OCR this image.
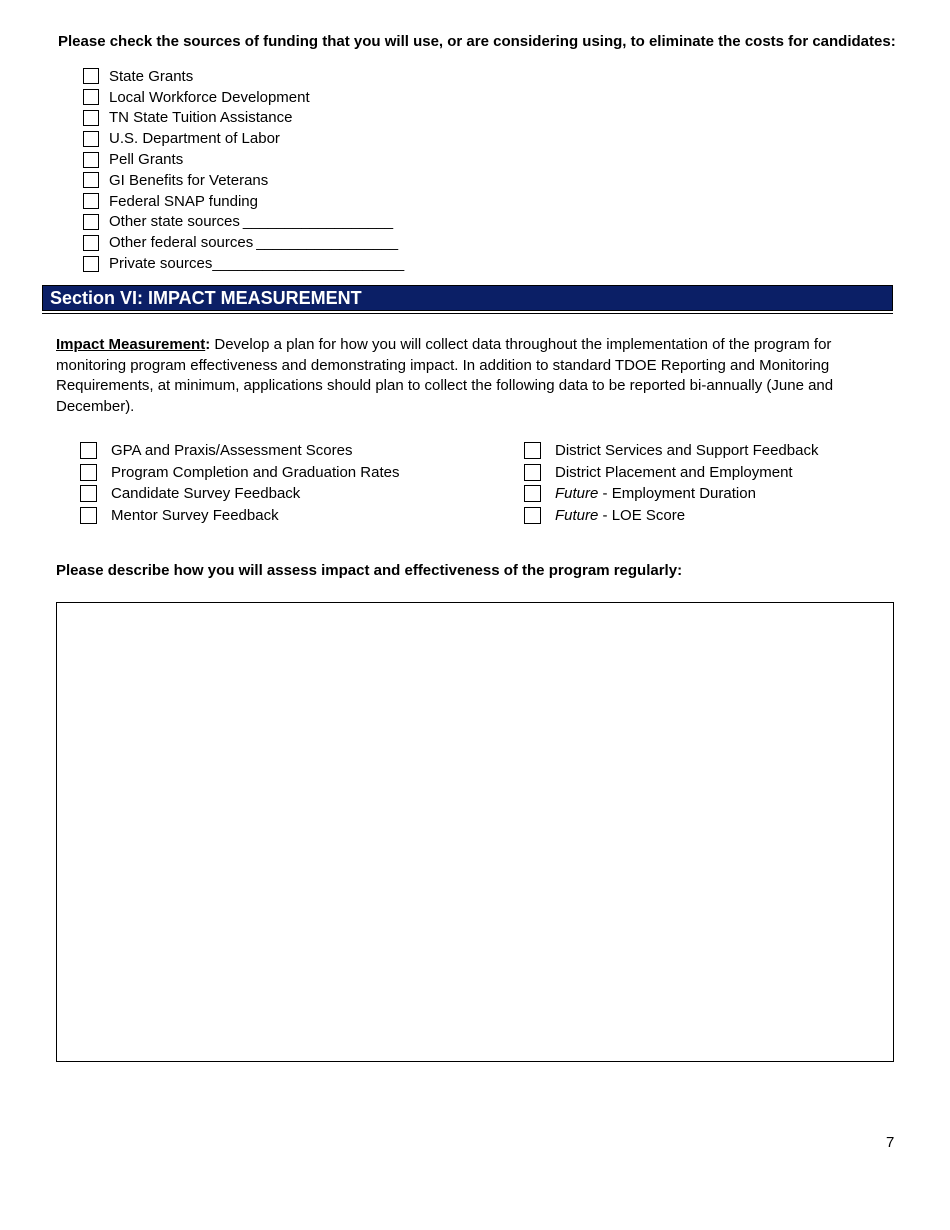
Please check the sources of funding that you will use, or are considering using, to eliminate the costs for candidates:
State Grants
Local Workforce Development
TN State Tuition Assistance
U.S. Department of Labor
Pell Grants
GI Benefits for Veterans
Federal SNAP funding
Other state sources __________________
Other federal sources _________________
Private sources _______________________
Section VI: IMPACT MEASUREMENT

Impact Measurement: Develop a plan for how you will collect data throughout the implementation of the program for monitoring program effectiveness and demonstrating impact. In addition to standard TDOE Reporting and Monitoring Requirements, at minimum, applications should plan to collect the following data to be reported bi-annually (June and December).

GPA and Praxis/Assessment Scores
Program Completion and Graduation Rates
Candidate Survey Feedback
Mentor Survey Feedback
District Services and Support Feedback
District Placement and Employment
Future - Employment Duration
Future - LOE Score
Please describe how you will assess impact and effectiveness of the program regularly:
7
